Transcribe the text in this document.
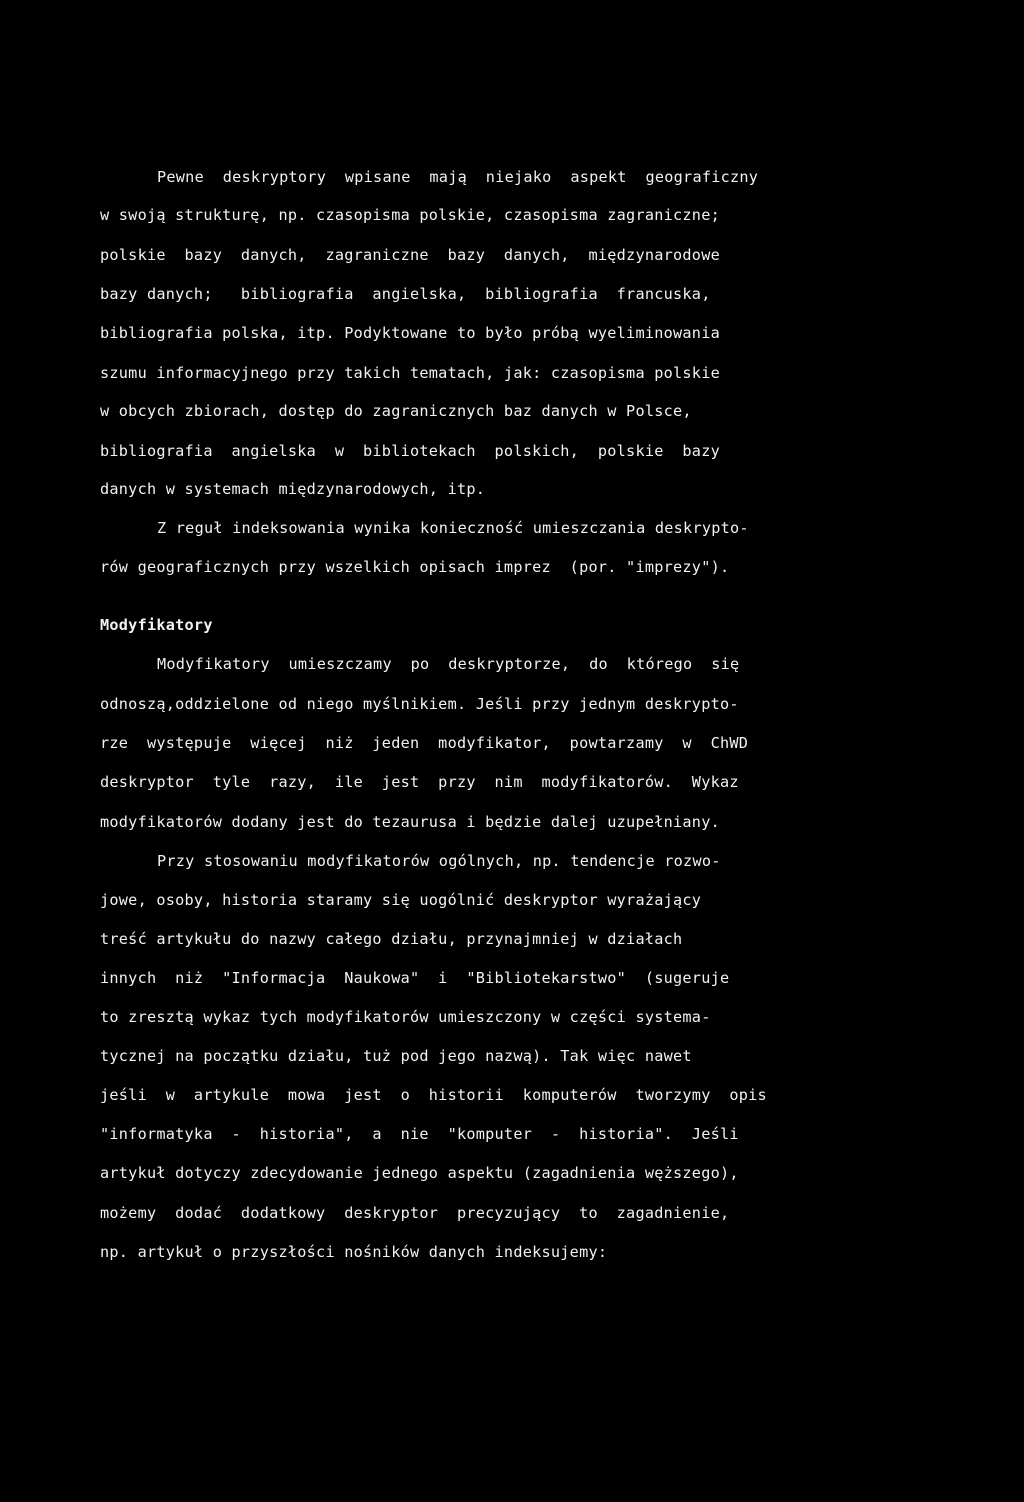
Pewne  deskryptory  wpisane  mają  niejako  aspekt  geograficzny
w swoją strukturę, np. czasopisma polskie, czasopisma zagraniczne;
polskie  bazy  danych,  zagraniczne  bazy  danych,  międzynarodowe
bazy danych;   bibliografia  angielska,  bibliografia  francuska,
bibliografia polska, itp. Podyktowane to było próbą wyeliminowania
szumu informacyjnego przy takich tematach, jak: czasopisma polskie
w obcych zbiorach, dostęp do zagranicznych baz danych w Polsce,
bibliografia  angielska  w  bibliotekach  polskich,  polskie  bazy
danych w systemach międzynarodowych, itp.
Z reguł indeksowania wynika konieczność umieszczania deskrypto-
rów geograficznych przy wszelkich opisach imprez  (por. "imprezy").
Modyfikatory
Modyfikatory  umieszczamy  po  deskryptorze,  do  którego  się
odnoszą,oddzielone od niego myślnikiem. Jeśli przy jednym deskrypto-
rze  występuje  więcej  niż  jeden  modyfikator,  powtarzamy  w  ChWD
deskryptor  tyle  razy,  ile  jest  przy  nim  modyfikatorów.  Wykaz
modyfikatorów dodany jest do tezaurusa i będzie dalej uzupełniany.
Przy stosowaniu modyfikatorów ogólnych, np. tendencje rozwo-
jowe, osoby, historia staramy się uogólnić deskryptor wyrażający
treść artykułu do nazwy całego działu, przynajmniej w działach
innych  niż  "Informacja  Naukowa"  i  "Bibliotekarstwo"  (sugeruje
to zresztą wykaz tych modyfikatorów umieszczony w części systema-
tycznej na początku działu, tuż pod jego nazwą). Tak więc nawet
jeśli  w  artykule  mowa  jest  o  historii  komputerów  tworzymy  opis
"informatyka  -  historia",  a  nie  "komputer  -  historia".  Jeśli
artykuł dotyczy zdecydowanie jednego aspektu (zagadnienia węższego),
możemy  dodać  dodatkowy  deskryptor  precyzujący  to  zagadnienie,
np. artykuł o przyszłości nośników danych indeksujemy:
